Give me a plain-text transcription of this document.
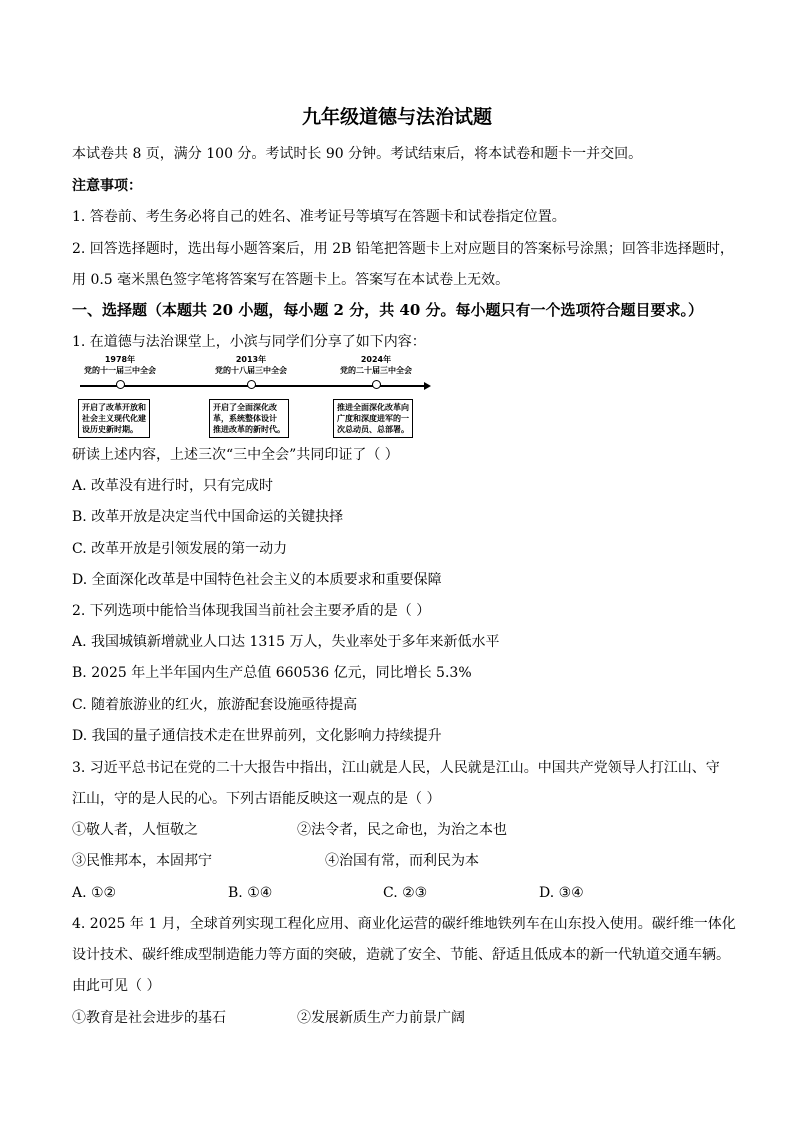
九年级道德与法治试题
本试卷共 8 页，满分 100 分。考试时长 90 分钟。考试结束后，将本试卷和题卡一并交回。
注意事项：
1. 答卷前、考生务必将自己的姓名、准考证号等填写在答题卡和试卷指定位置。
2. 回答选择题时，选出每小题答案后，用 2B 铅笔把答题卡上对应题目的答案标号涂黑；回答非选择题时，
用 0.5 毫米黑色签字笔将答案写在答题卡上。答案写在本试卷上无效。
一、选择题（本题共 20 小题，每小题 2 分，共 40 分。每小题只有一个选项符合题目要求。）
1. 在道德与法治课堂上，小滨与同学们分享了如下内容：
1978年
党的十一届三中全会
开启了改革开放和
社会主义现代化建
设历史新时期。
2013年
党的十八届三中全会
开启了全面深化改
革，系统整体设计
推进改革的新时代。
2024年
党的二十届三中全会
推进全面深化改革向
广度和深度进军的一
次总动员、总部署。
研读上述内容，上述三次“三中全会”共同印证了（ ）
A. 改革没有进行时，只有完成时
B. 改革开放是决定当代中国命运的关键抉择
C. 改革开放是引领发展的第一动力
D. 全面深化改革是中国特色社会主义的本质要求和重要保障
2. 下列选项中能恰当体现我国当前社会主要矛盾的是（ ）
A. 我国城镇新增就业人口达 1315 万人，失业率处于多年来新低水平
B. 2025 年上半年国内生产总值 660536 亿元，同比增长 5.3%
C. 随着旅游业的红火，旅游配套设施亟待提高
D. 我国的量子通信技术走在世界前列，文化影响力持续提升
3. 习近平总书记在党的二十大报告中指出，江山就是人民，人民就是江山。中国共产党领导人打江山、守
江山，守的是人民的心。下列古语能反映这一观点的是（ ）
①敬人者，人恒敬之	②法令者，民之命也，为治之本也
③民惟邦本，本固邦宁	④治国有常，而利民为本
A. ①②	B. ①④	C. ②③	D. ③④
4. 2025 年 1 月，全球首列实现工程化应用、商业化运营的碳纤维地铁列车在山东投入使用。碳纤维一体化
设计技术、碳纤维成型制造能力等方面的突破，造就了安全、节能、舒适且低成本的新一代轨道交通车辆。
由此可见（ ）
①教育是社会进步的基石	②发展新质生产力前景广阔
